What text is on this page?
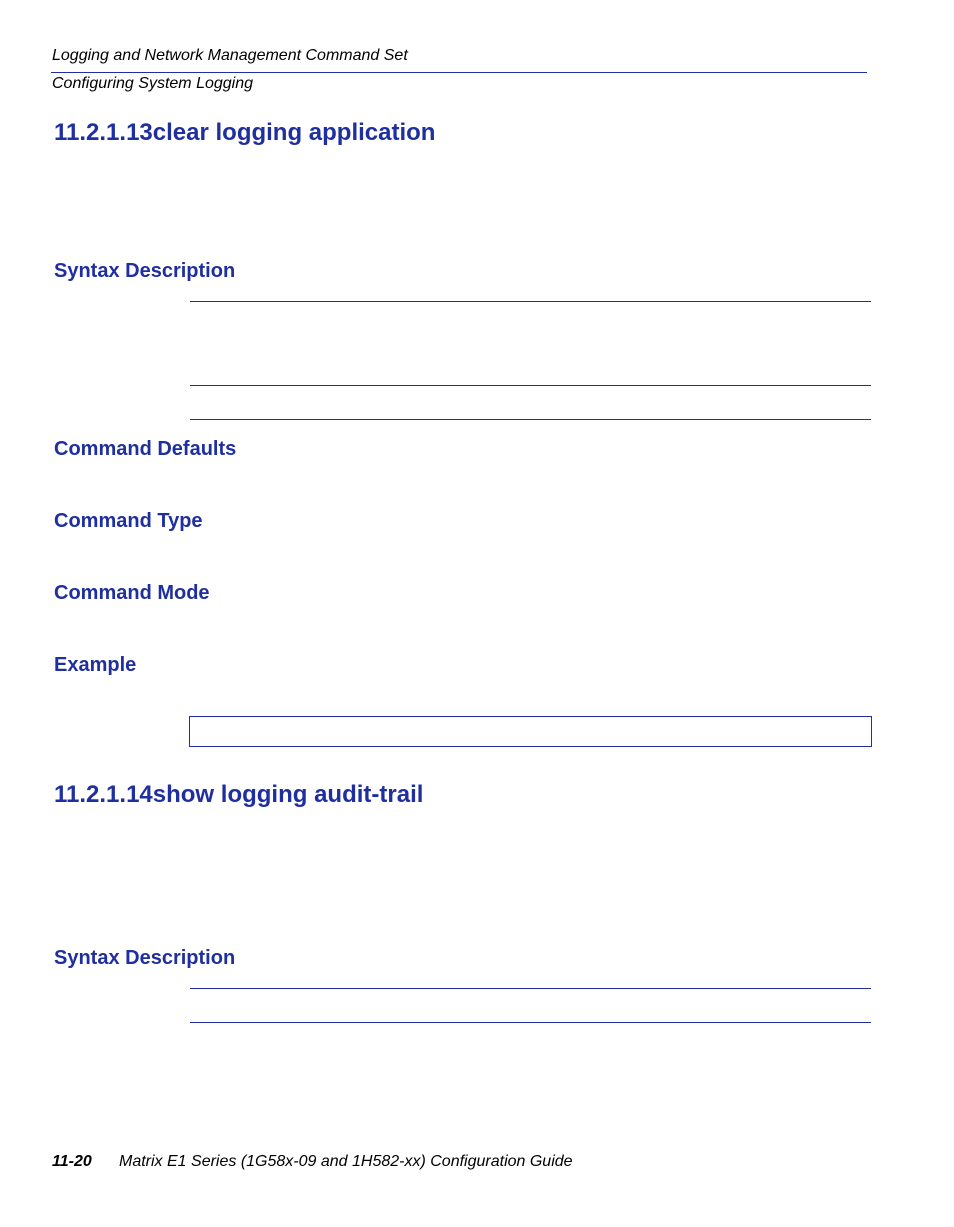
Logging and Network Management Command Set
Configuring System Logging
11.2.1.13clear logging application
Syntax Description
Command Defaults
Command Type
Command Mode
Example
11.2.1.14show logging audit-trail
Syntax Description
11-20 Matrix E1 Series (1G58x-09 and 1H582-xx) Configuration Guide
